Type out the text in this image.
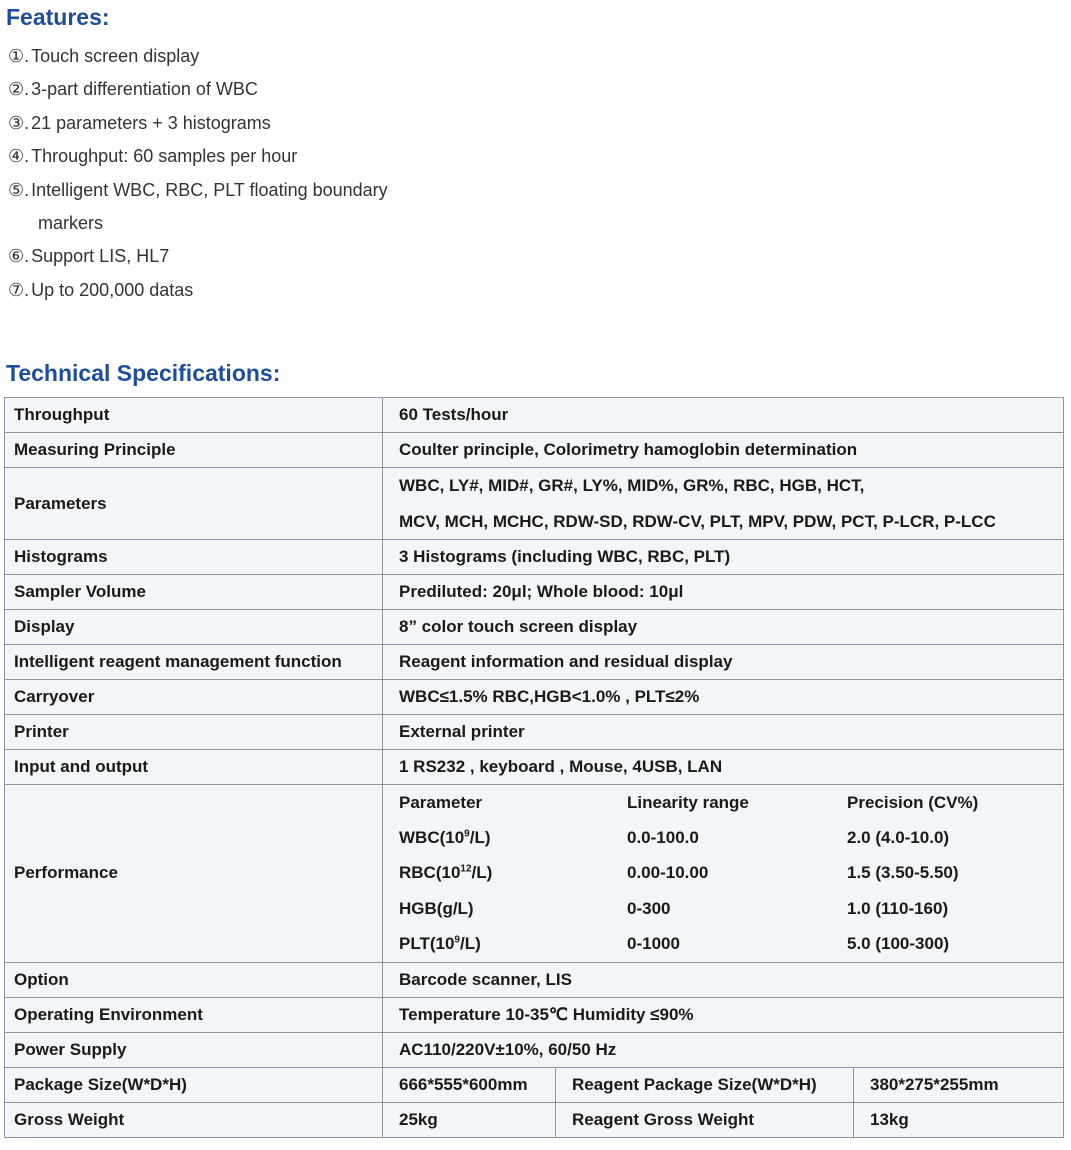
Features:
①. Touch screen display
②. 3-part differentiation of WBC
③. 21 parameters + 3 histograms
④. Throughput: 60 samples per hour
⑤. Intelligent WBC, RBC, PLT floating boundary
markers
⑥. Support LIS, HL7
⑦. Up to 200,000 datas
Technical Specifications:
Throughput	60 Tests/hour
Measuring Principle	Coulter principle, Colorimetry hamoglobin determination
Parameters	
WBC, LY#, MID#, GR#, LY%, MID%, GR%, RBC, HGB, HCT,
MCV, MCH, MCHC, RDW-SD, RDW-CV, PLT, MPV, PDW, PCT, P-LCR, P-LCC

Histograms	3 Histograms (including WBC, RBC, PLT)
Sampler Volume	Prediluted: 20μl; Whole blood: 10μl
Display	8” color touch screen display
Intelligent reagent management function	Reagent information and residual display
Carryover	WBC≤1.5% RBC,HGB<1.0% , PLT≤2%
Printer	External printer
Input and output	1 RS232 , keyboard , Mouse, 4USB, LAN
Performance	
Parameter	Linearity range	Precision (CV%)
$WBC(10^9/L)$	0.0-100.0	2.0 (4.0-10.0)
$RBC(10^{12}/L)$	0.00-10.00	1.5 (3.50-5.50)
HGB(g/L)	0-300	1.0 (110-160)
$PLT(10^9/L)$	0-1000	5.0 (100-300)

Option	Barcode scanner, LIS
Operating Environment	Temperature 10-35℃ Humidity ≤90%
Power Supply	AC110/220V±10%, 60/50 Hz
Package Size(W*D*H)	666*555*600mm	Reagent Package Size(W*D*H)	380*275*255mm
Gross Weight	25kg	Reagent Gross Weight	13kg
